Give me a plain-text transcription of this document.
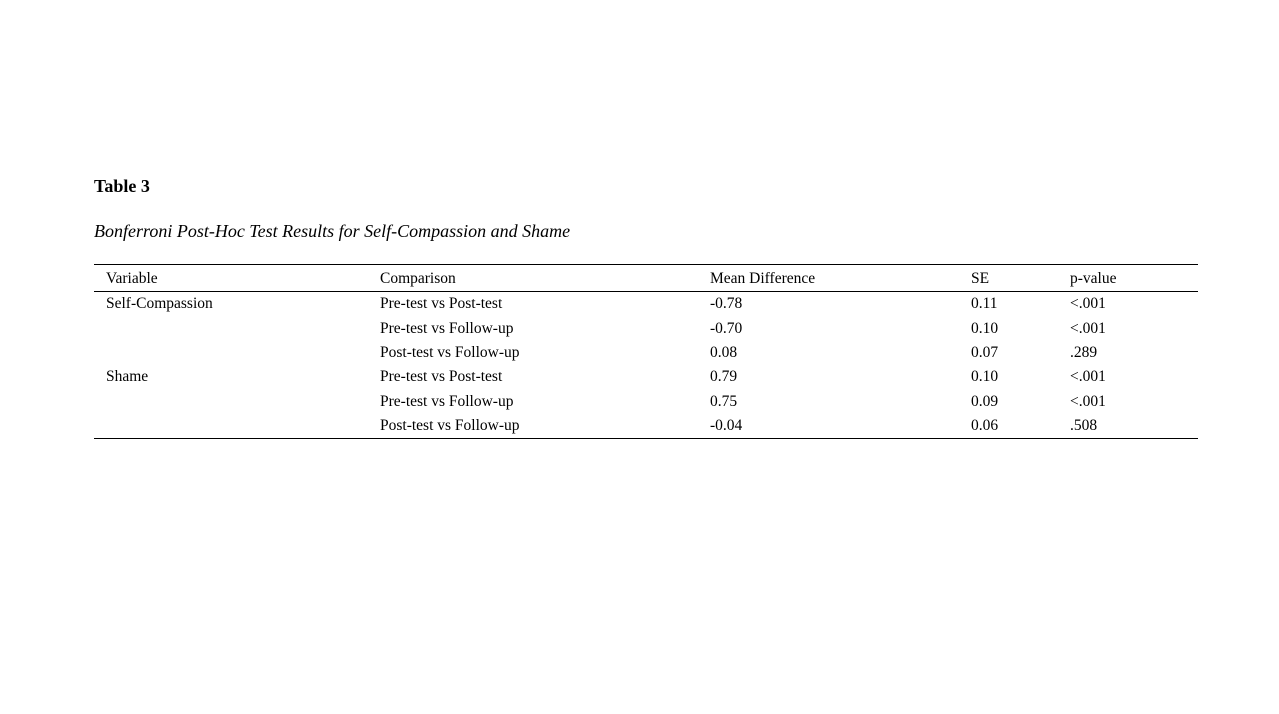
Table 3
Bonferroni Post-Hoc Test Results for Self-Compassion and Shame
Variable	Comparison	Mean Difference	SE	p-value
Self-Compassion	Pre-test vs Post-test	-0.78	0.11	<.001
	Pre-test vs Follow-up	-0.70	0.10	<.001
	Post-test vs Follow-up	0.08	0.07	.289
Shame	Pre-test vs Post-test	0.79	0.10	<.001
	Pre-test vs Follow-up	0.75	0.09	<.001
	Post-test vs Follow-up	-0.04	0.06	.508
